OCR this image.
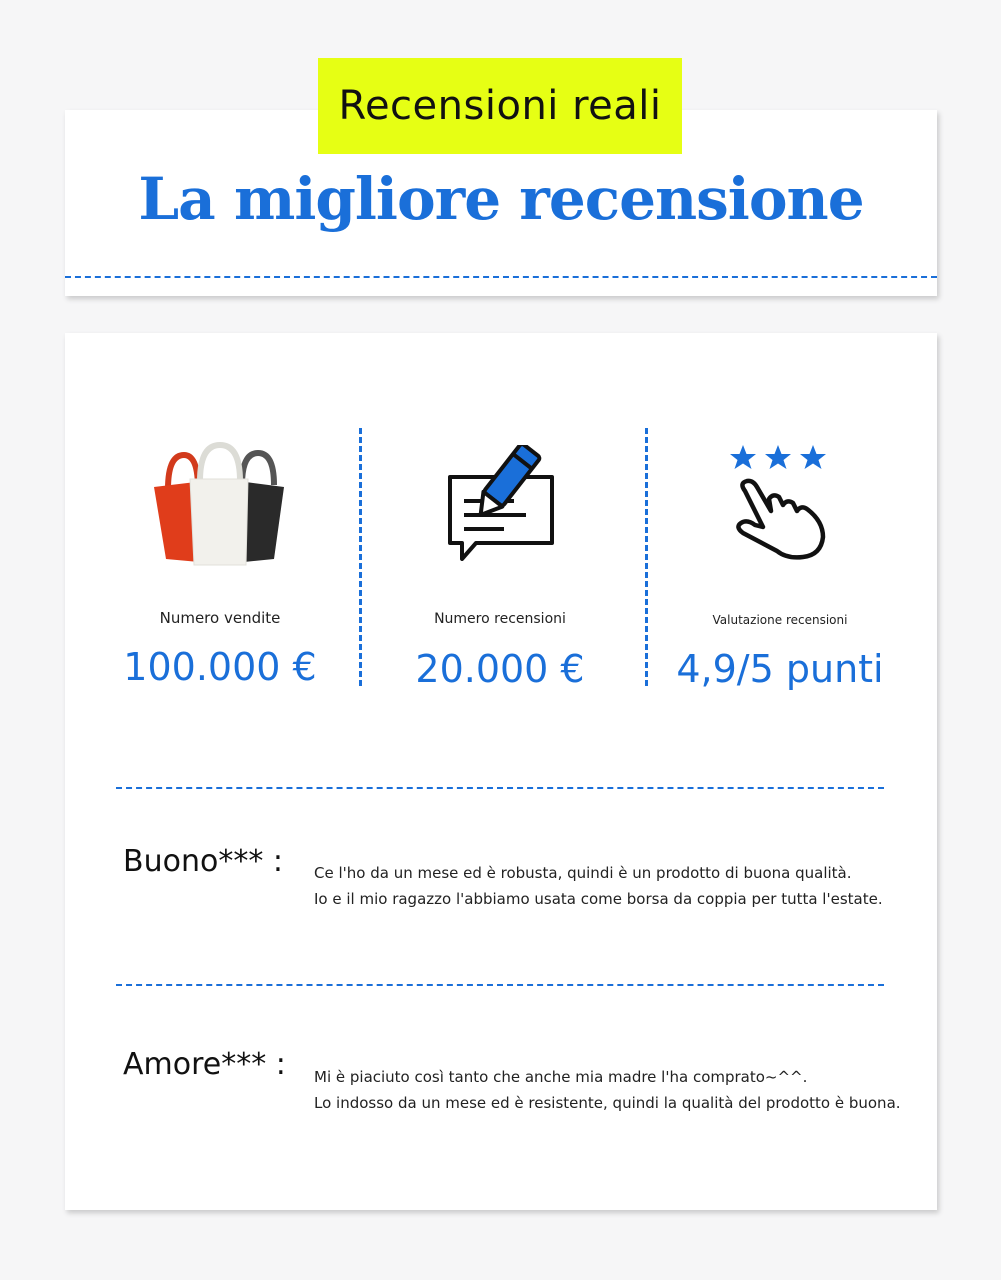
Recensioni reali
La migliore recensione
Numero vendite
100.000 €
Numero recensioni
20.000 €
Valutazione recensioni
4,9/5 punti
Buono*** : Ce l'ho da un mese ed è robusta, quindi è un prodotto di buona qualità.
Io e il mio ragazzo l'abbiamo usata come borsa da coppia per tutta l'estate.
Amore*** : Mi è piaciuto così tanto che anche mia madre l'ha comprato~^^.
Lo indosso da un mese ed è resistente, quindi la qualità del prodotto è buona.
